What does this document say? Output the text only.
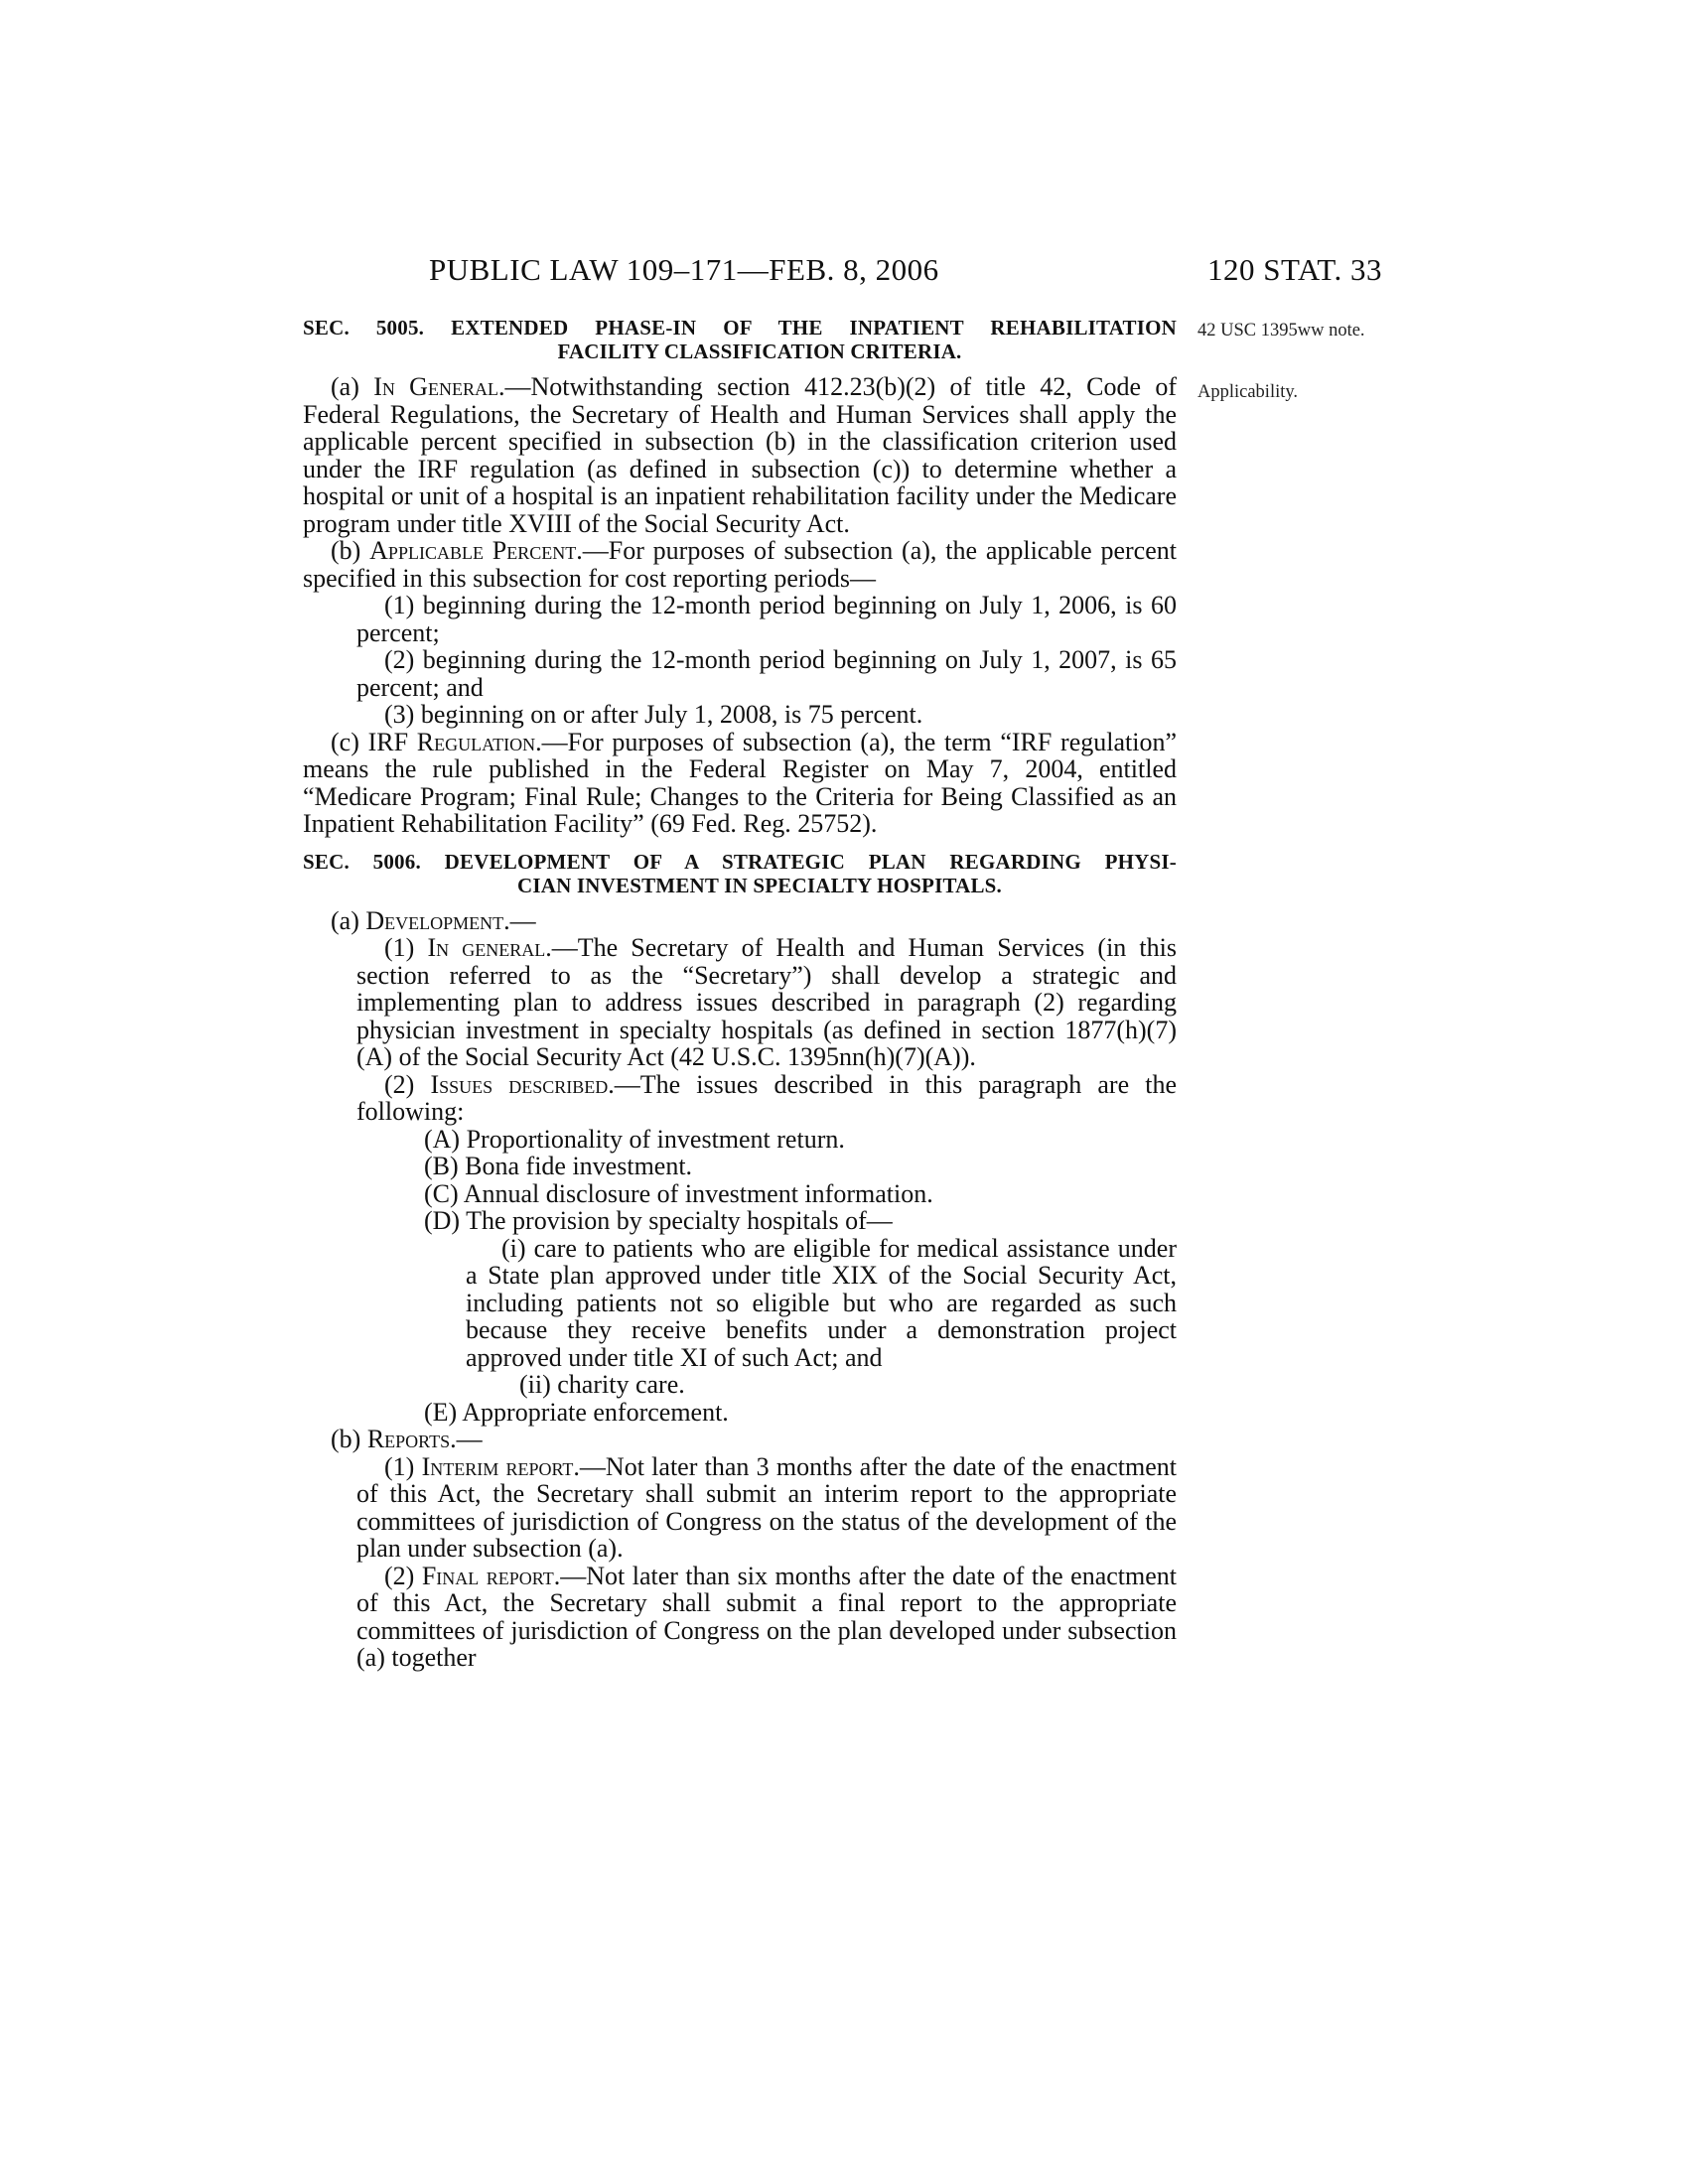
PUBLIC LAW 109–171—FEB. 8, 2006	120 STAT. 33
42 USC 1395ww note.
Applicability.
SEC. 5005. EXTENDED PHASE-IN OF THE INPATIENT REHABILITATION
FACILITY CLASSIFICATION CRITERIA.

(a) In General.—Notwithstanding section 412.23(b)(2) of title 42, Code of Federal Regulations, the Secretary of Health and Human Services shall apply the applicable percent specified in subsection (b) in the classification criterion used under the IRF regulation (as defined in subsection (c)) to determine whether a hospital or unit of a hospital is an inpatient rehabilitation facility under the Medicare program under title XVIII of the Social Security Act.

(b) Applicable Percent.—For purposes of subsection (a), the applicable percent specified in this subsection for cost reporting periods—

(1) beginning during the 12-month period beginning on July 1, 2006, is 60 percent;

(2) beginning during the 12-month period beginning on July 1, 2007, is 65 percent; and

(3) beginning on or after July 1, 2008, is 75 percent.

(c) IRF Regulation.—For purposes of subsection (a), the term “IRF regulation” means the rule published in the Federal Register on May 7, 2004, entitled “Medicare Program; Final Rule; Changes to the Criteria for Being Classified as an Inpatient Rehabilitation Facility” (69 Fed. Reg. 25752).

SEC. 5006. DEVELOPMENT OF A STRATEGIC PLAN REGARDING PHYSI-
CIAN INVESTMENT IN SPECIALTY HOSPITALS.

(a) Development.—

(1) In general.—The Secretary of Health and Human Services (in this section referred to as the “Secretary”) shall develop a strategic and implementing plan to address issues described in paragraph (2) regarding physician investment in specialty hospitals (as defined in section 1877(h)(7)(A) of the Social Security Act (42 U.S.C. 1395nn(h)(7)(A)).

(2) Issues described.—The issues described in this paragraph are the following:

(A) Proportionality of investment return.

(B) Bona fide investment.

(C) Annual disclosure of investment information.

(D) The provision by specialty hospitals of—

(i) care to patients who are eligible for medical assistance under a State plan approved under title XIX of the Social Security Act, including patients not so eligible but who are regarded as such because they receive benefits under a demonstration project approved under title XI of such Act; and

(ii) charity care.

(E) Appropriate enforcement.

(b) Reports.—

(1) Interim report.—Not later than 3 months after the date of the enactment of this Act, the Secretary shall submit an interim report to the appropriate committees of jurisdiction of Congress on the status of the development of the plan under subsection (a).

(2) Final report.—Not later than six months after the date of the enactment of this Act, the Secretary shall submit a final report to the appropriate committees of jurisdiction of Congress on the plan developed under subsection (a) together
